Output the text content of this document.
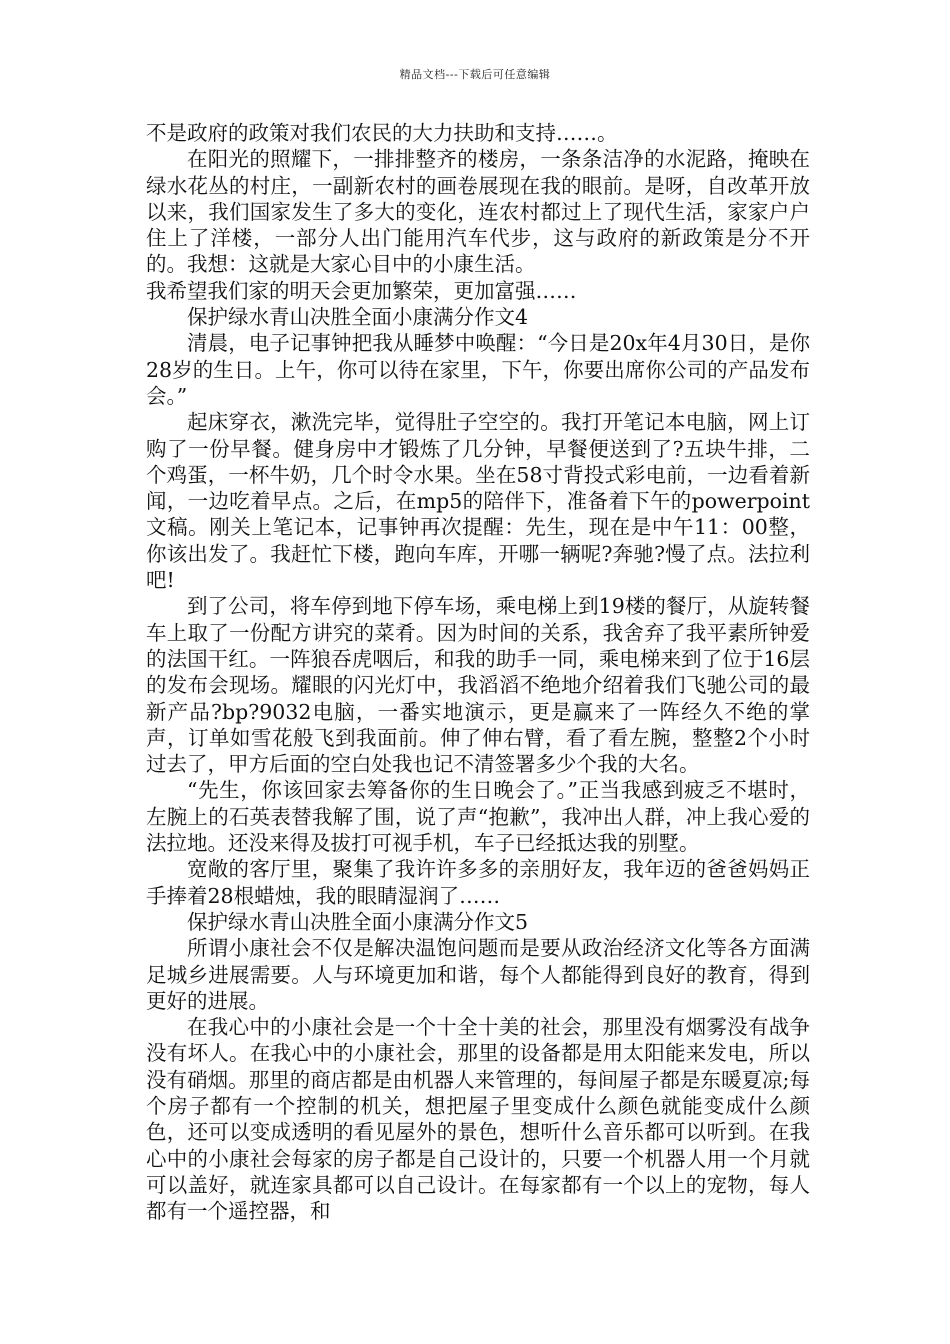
精品文档---下载后可任意编辑

不是政府的政策对我们农民的大力扶助和支持……。

在阳光的照耀下，一排排整齐的楼房，一条条洁净的水泥路，掩映在绿水花丛的村庄，一副新农村的画卷展现在我的眼前。是呀，自改革开放以来，我们国家发生了多大的变化，连农村都过上了现代生活，家家户户住上了洋楼，一部分人出门能用汽车代步，这与政府的新政策是分不开的。我想：这就是大家心目中的小康生活。

我希望我们家的明天会更加繁荣，更加富强……

保护绿水青山决胜全面小康满分作文4

清晨，电子记事钟把我从睡梦中唤醒：“今日是20x年4月30日，是你28岁的生日。上午，你可以待在家里，下午，你要出席你公司的产品发布会。”

起床穿衣，漱洗完毕，觉得肚子空空的。我打开笔记本电脑，网上订购了一份早餐。健身房中才锻炼了几分钟，早餐便送到了?五块牛排，二个鸡蛋，一杯牛奶，几个时令水果。坐在58寸背投式彩电前，一边看着新闻，一边吃着早点。之后，在mp5的陪伴下，准备着下午的powerpoint文稿。刚关上笔记本，记事钟再次提醒：先生，现在是中午11：00整，你该出发了。我赶忙下楼，跑向车库，开哪一辆呢?奔驰?慢了点。法拉利吧!

到了公司，将车停到地下停车场，乘电梯上到19楼的餐厅，从旋转餐车上取了一份配方讲究的菜肴。因为时间的关系，我舍弃了我平素所钟爱的法国干红。一阵狼吞虎咽后，和我的助手一同，乘电梯来到了位于16层的发布会现场。耀眼的闪光灯中，我滔滔不绝地介绍着我们飞驰公司的最新产品?bp?9032电脑，一番实地演示，更是赢来了一阵经久不绝的掌声，订单如雪花般飞到我面前。伸了伸右臂，看了看左腕，整整2个小时过去了，甲方后面的空白处我也记不清签署多少个我的大名。

“先生，你该回家去筹备你的生日晚会了。”正当我感到疲乏不堪时，左腕上的石英表替我解了围，说了声“抱歉”，我冲出人群，冲上我心爱的法拉地。还没来得及拔打可视手机，车子已经抵达我的别墅。

宽敞的客厅里，聚集了我许许多多的亲朋好友，我年迈的爸爸妈妈正手捧着28根蜡烛，我的眼睛湿润了……

保护绿水青山决胜全面小康满分作文5

所谓小康社会不仅是解决温饱问题而是要从政治经济文化等各方面满足城乡进展需要。人与环境更加和谐，每个人都能得到良好的教育，得到更好的进展。

在我心中的小康社会是一个十全十美的社会，那里没有烟雾没有战争没有坏人。在我心中的小康社会，那里的设备都是用太阳能来发电，所以没有硝烟。那里的商店都是由机器人来管理的，每间屋子都是东暖夏凉;每个房子都有一个控制的机关，想把屋子里变成什么颜色就能变成什么颜色，还可以变成透明的看见屋外的景色，想听什么音乐都可以听到。在我心中的小康社会每家的房子都是自己设计的，只要一个机器人用一个月就可以盖好，就连家具都可以自己设计。在每家都有一个以上的宠物，每人都有一个遥控器，和
